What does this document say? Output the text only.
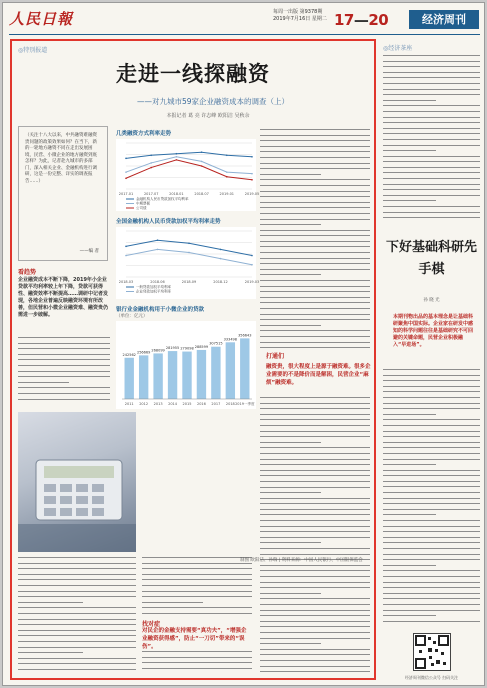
人民日報	每周一出版 第9378期
2019年7月16日 星期二 17—20	经济周刊
◎特别报道
走进一线探融资
——对九城市59家企业融资成本的调查（上）
本报记者 葛 亮 许志峰 欧阳洁 吴秋余
（关注十八大以来，中共融资难融资贵问题的政策效果如何？在当下，新的一轮地方融资不同在走出发展困境，民营、小微企业的地方融资到底怎样？为此，记者赴九城市的多部门，深入相关企业、金融机构进行调研，这是一份完整、详实的调查报告……）
——编 者
看趋势
企业融资成本不断下降，2019年小企业贷款平均利率较上年下降，贷款可获得性、融资效率不断提高……调研中记者发现，各地企业普遍反映融资环境有所改善，但民营和小微企业融资难、融资贵仍需进一步破解。
几类融资方式利率走势
2017.01	2017.07	2018.01	2018.07	2019.01	2019.05
金融机构人民币贷款加权平均利率
中期票据
公司债
全国金融机构人民币贷款加权平均利率走势
2018.03	2018.06	2018.09	2018.12	2019.03
一般贷款加权平均利率
企业贷款加权平均利率
银行业金融机构用于小微企业的贷款
（单位：亿元）
242562
2011
256669
2012
268099
2013
281955
2014
279098
2015
288599
2016
307515
2017
333498
2018
356643
2019一季度
制图 欧阳洁、孙瑞 | 资料来源：中国人民银行、中国银保监会
打通们
融资贵，很大程度上是源于融资难。很多企业需要的不是降价而是解困，民营企业“麻烦”融资难。
找对症
对民企的金融支持需要“真功夫”，“增强企业融资获得感”，防止“一刀切”带来的“误伤”。
◎经济茶座
下好基础科研先手棋
孙 晓 光
本期刊物出品的基本理念是让基础科研聚焦中国实际。企业家在研发中感知的科学问题往往是基础研究不可回避的关键命题，民营企业积极融入“早进场”。
经济周刊微信公众号 扫码关注
